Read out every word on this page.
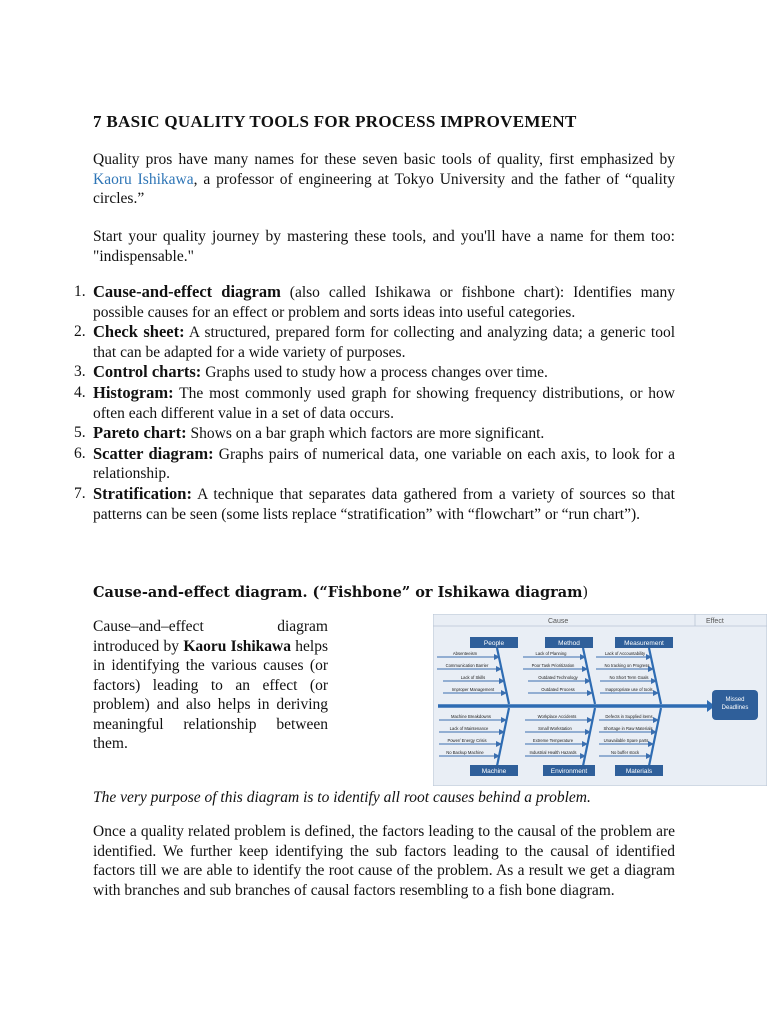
7 BASIC QUALITY TOOLS FOR PROCESS IMPROVEMENT

Quality pros have many names for these seven basic tools of quality, first emphasized by Kaoru Ishikawa, a professor of engineering at Tokyo University and the father of “quality circles.”

Start your quality journey by mastering these tools, and you'll have a name for them too: "indispensable."

1. Cause-and-effect diagram (also called Ishikawa or fishbone chart): Identifies many possible causes for an effect or problem and sorts ideas into useful categories.
2. Check sheet: A structured, prepared form for collecting and analyzing data; a generic tool that can be adapted for a wide variety of purposes.
3. Control charts: Graphs used to study how a process changes over time.
4. Histogram: The most commonly used graph for showing frequency distributions, or how often each different value in a set of data occurs.
5. Pareto chart: Shows on a bar graph which factors are more significant.
6. Scatter diagram: Graphs pairs of numerical data, one variable on each axis, to look for a relationship.
7. Stratification: A technique that separates data gathered from a variety of sources so that patterns can be seen (some lists replace “stratification” with “flowchart” or “run chart”).
Cause-and-effect diagram. (“Fishbone” or Ishikawa diagram)

Cause–and–effect diagram introduced by Kaoru Ishikawa helps in identifying the various causes (or factors) leading to an effect (or problem) and also helps in deriving meaningful relationship between them.

Cause	Effect
Missed Deadlines
People	Method	Measurement
Machine	Environment	Materials
Absenteeism
Communication Barrier
Lack of Skills
Improper Management
Lack of Planning
Poor Task Prioritization
Outdated Technology
Outdated Process
Lack of Accountability
No tracking on Progress
No Short Term Goals
Inappropriate use of tools
Machine Breakdowns
Lack of Maintenance
Power/ Energy Crisis
No Backup Machine
Workplace Accidents
Small Workstation
Extreme Temperature
Industrial Health Hazards
Defects in Supplied items
Shortage in Raw Materials
Unavailable Spare parts
No buffer stock
The very purpose of this diagram is to identify all root causes behind a problem.

Once a quality related problem is defined, the factors leading to the causal of the problem are identified. We further keep identifying the sub factors leading to the causal of identified factors till we are able to identify the root cause of the problem. As a result we get a diagram with branches and sub branches of causal factors resembling to a fish bone diagram.
